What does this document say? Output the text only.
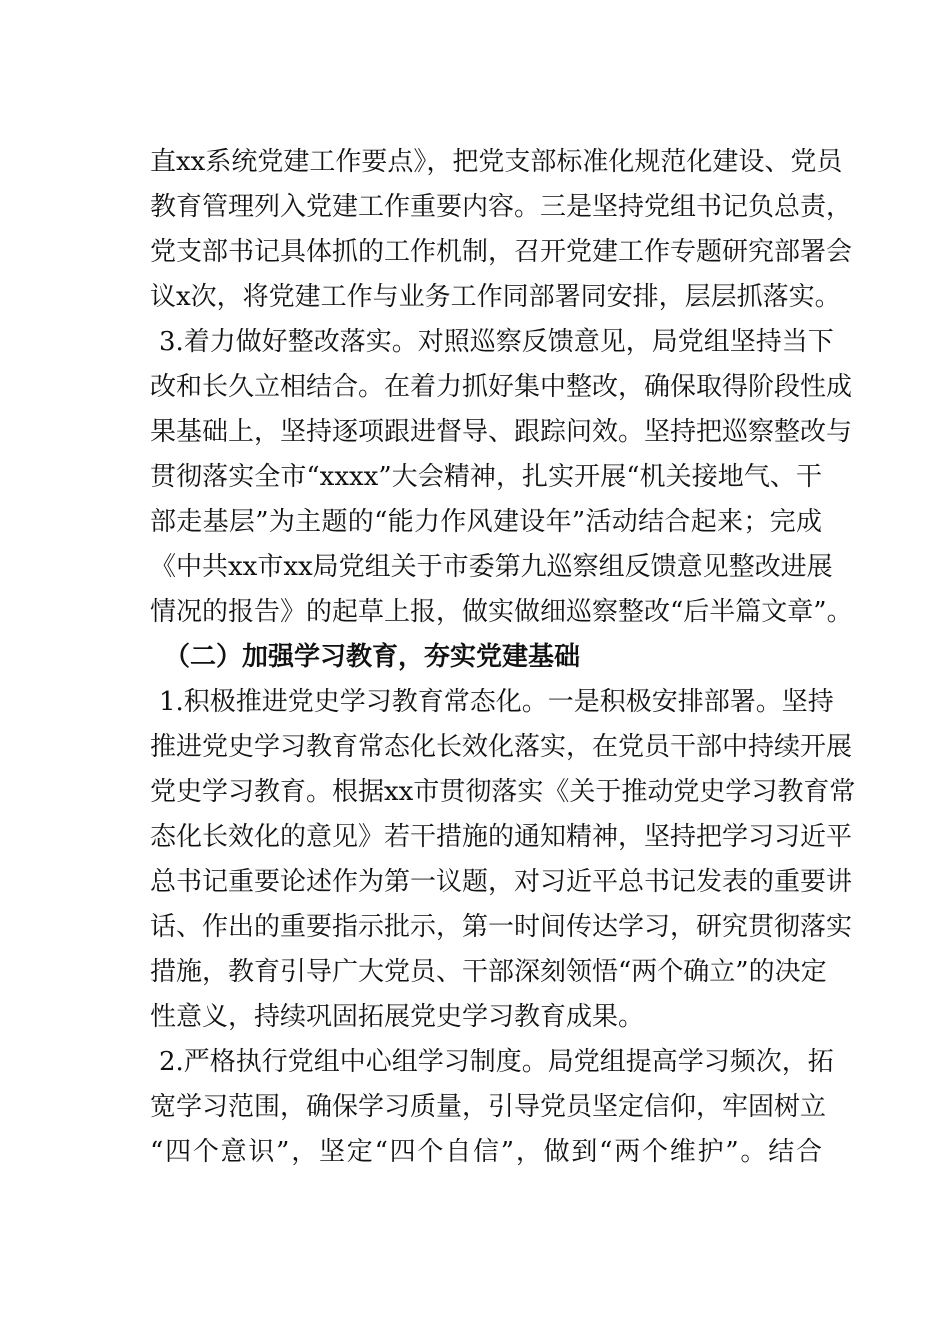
直xx系统党建工作要点》，把党支部标准化规范化建设、党员
教育管理列入党建工作重要内容。三是坚持党组书记负总责，
党支部书记具体抓的工作机制，召开党建工作专题研究部署会
议x次，将党建工作与业务工作同部署同安排，层层抓落实。
3.着力做好整改落实。对照巡察反馈意见，局党组坚持当下
改和长久立相结合。在着力抓好集中整改，确保取得阶段性成
果基础上，坚持逐项跟进督导、跟踪问效。坚持把巡察整改与
贯彻落实全市“xxxx”大会精神，扎实开展“机关接地气、干
部走基层”为主题的“能力作风建设年”活动结合起来；完成
《中共xx市xx局党组关于市委第九巡察组反馈意见整改进展
情况的报告》的起草上报，做实做细巡察整改“后半篇文章”。
（二）加强学习教育，夯实党建基础
1.积极推进党史学习教育常态化。一是积极安排部署。坚持
推进党史学习教育常态化长效化落实，在党员干部中持续开展
党史学习教育。根据xx市贯彻落实《关于推动党史学习教育常
态化长效化的意见》若干措施的通知精神，坚持把学习习近平
总书记重要论述作为第一议题，对习近平总书记发表的重要讲
话、作出的重要指示批示，第一时间传达学习，研究贯彻落实
措施，教育引导广大党员、干部深刻领悟“两个确立”的决定
性意义，持续巩固拓展党史学习教育成果。
2.严格执行党组中心组学习制度。局党组提高学习频次，拓
宽学习范围，确保学习质量，引导党员坚定信仰，牢固树立
“四个意识”，坚定“四个自信”，做到“两个维护”。结合
